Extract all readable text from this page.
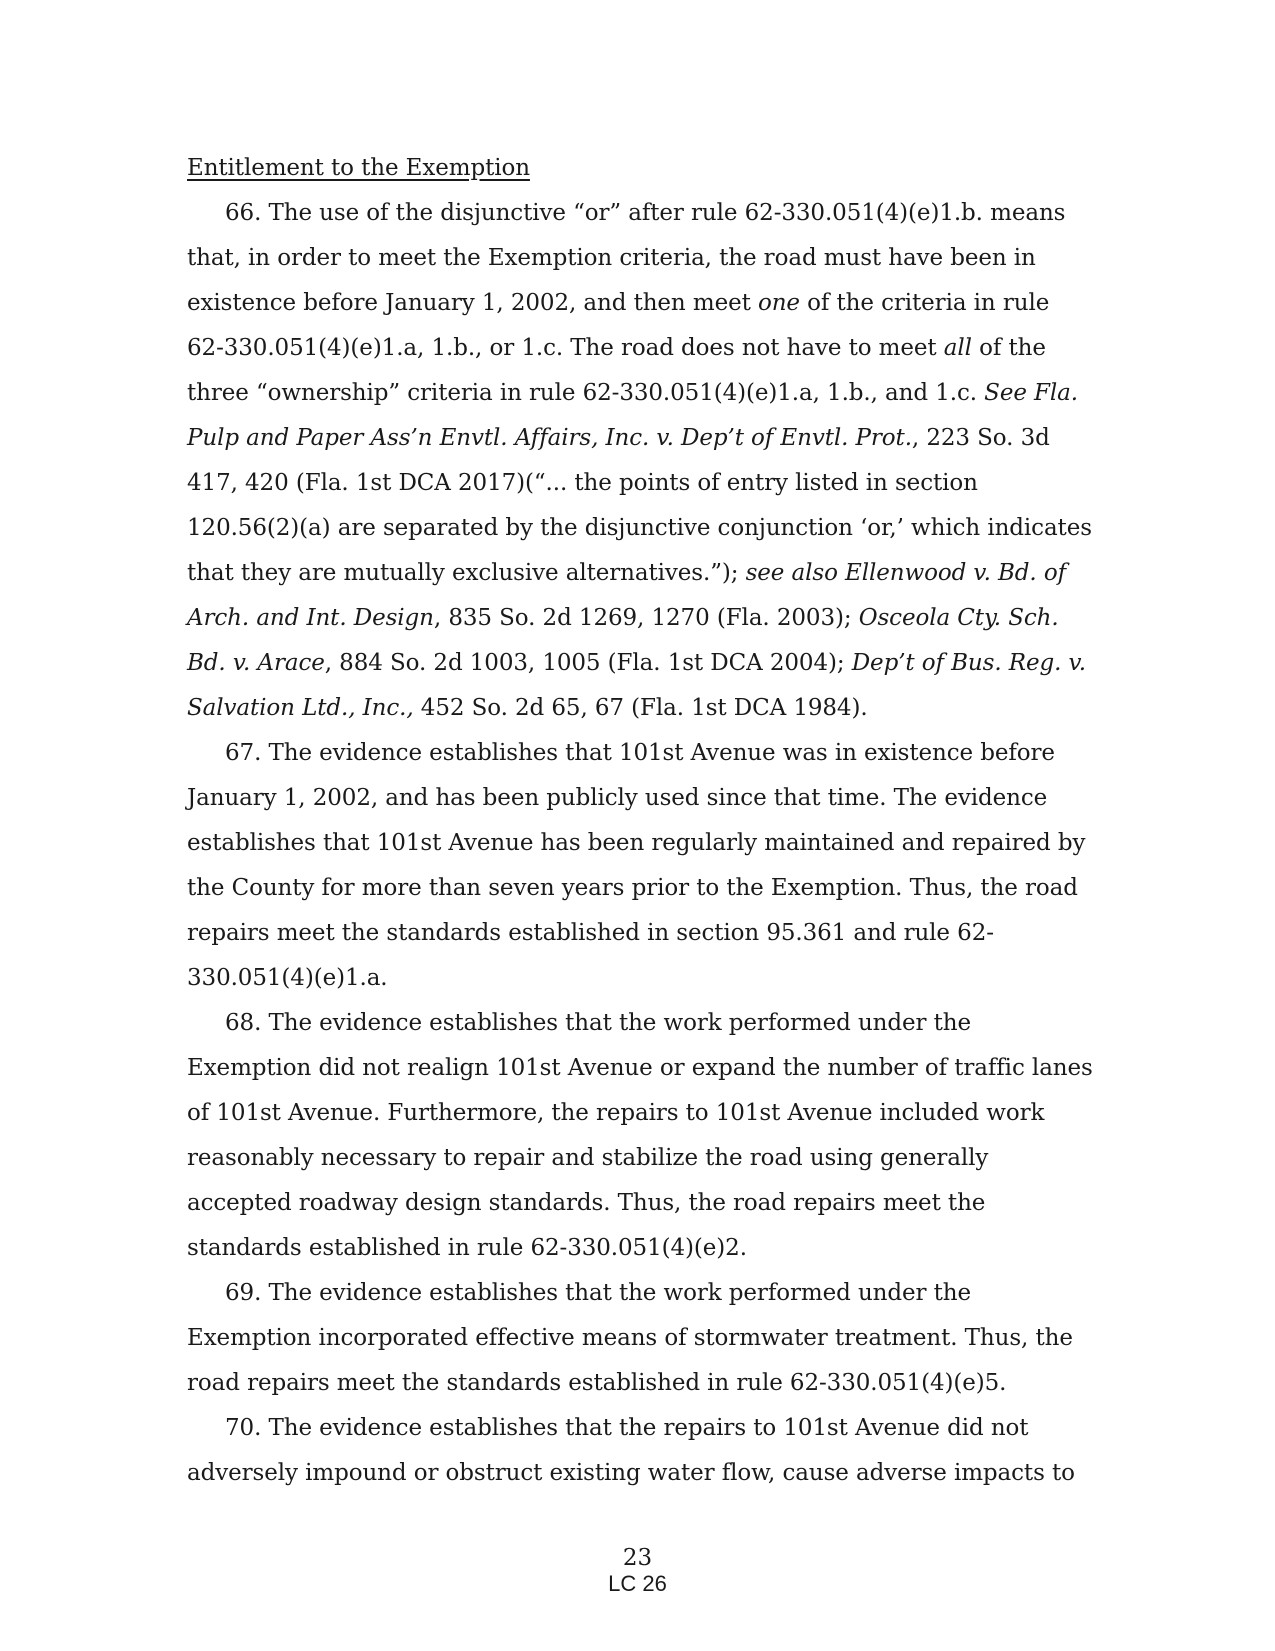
Entitlement to the Exemption

66. The use of the disjunctive “or” after rule 62-330.051(4)(e)1.b. means that, in order to meet the Exemption criteria, the road must have been in existence before January 1, 2002, and then meet one of the criteria in rule 62-330.051(4)(e)1.a, 1.b., or 1.c. The road does not have to meet all of the three “ownership” criteria in rule 62-330.051(4)(e)1.a, 1.b., and 1.c. See Fla. Pulp and Paper Ass’n Envtl. Affairs, Inc. v. Dep’t of Envtl. Prot., 223 So. 3d 417, 420 (Fla. 1st DCA 2017)(“... the points of entry listed in section 120.56(2)(a) are separated by the disjunctive conjunction ‘or,’ which indicates that they are mutually exclusive alternatives.”); see also Ellenwood v. Bd. of Arch. and Int. Design, 835 So. 2d 1269, 1270 (Fla. 2003); Osceola Cty. Sch. Bd. v. Arace, 884 So. 2d 1003, 1005 (Fla. 1st DCA 2004); Dep’t of Bus. Reg. v. Salvation Ltd., Inc., 452 So. 2d 65, 67 (Fla. 1st DCA 1984).

67. The evidence establishes that 101st Avenue was in existence before January 1, 2002, and has been publicly used since that time. The evidence establishes that 101st Avenue has been regularly maintained and repaired by the County for more than seven years prior to the Exemption. Thus, the road repairs meet the standards established in section 95.361 and rule 62-330.051(4)(e)1.a.

68. The evidence establishes that the work performed under the Exemption did not realign 101st Avenue or expand the number of traffic lanes of 101st Avenue. Furthermore, the repairs to 101st Avenue included work reasonably necessary to repair and stabilize the road using generally accepted roadway design standards. Thus, the road repairs meet the standards established in rule 62-330.051(4)(e)2.

69. The evidence establishes that the work performed under the Exemption incorporated effective means of stormwater treatment. Thus, the road repairs meet the standards established in rule 62-330.051(4)(e)5.

70. The evidence establishes that the repairs to 101st Avenue did not adversely impound or obstruct existing water flow, cause adverse impacts to

23
LC 26
